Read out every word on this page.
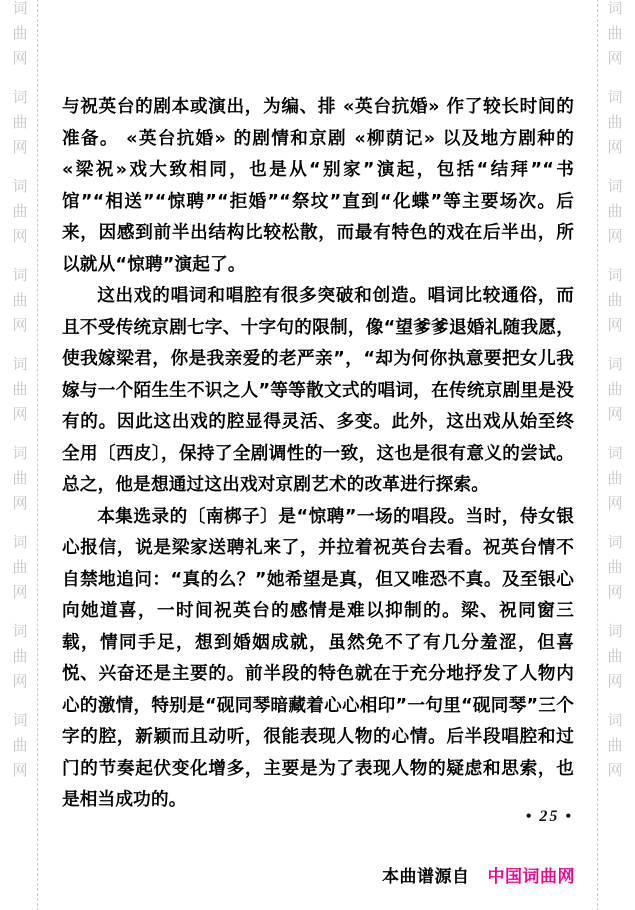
词
曲
网
词
曲
网
词
曲
网
词
曲
网
词
曲
网
词
曲
网
词
曲
网
词
曲
网
词
曲
网
词
曲
网
词
曲
网
词
曲
网
词
曲
网
词
曲
网
词
曲
网
词
曲
网
词
曲
网
词
曲
网

与祝英台的剧本或演出，为编、排 «英台抗婚» 作了较长时间的准备。 «英台抗婚» 的剧情和京剧 «柳荫记» 以及地方剧种的 «梁祝»戏大致相同，也是从“别家”演起，包括“结拜”“书馆”“相送”“惊聘”“拒婚”“祭坟”直到“化蝶”等主要场次。后来，因感到前半出结构比较松散，而最有特色的戏在后半出，所以就从“惊聘”演起了。

这出戏的唱词和唱腔有很多突破和创造。唱词比较通俗，而且不受传统京剧七字、十字句的限制，像“望爹爹退婚礼随我愿，使我嫁梁君，你是我亲爱的老严亲”，“却为何你执意要把女儿我嫁与一个陌生生不识之人”等等散文式的唱词，在传统京剧里是没有的。因此这出戏的腔显得灵活、多变。此外，这出戏从始至终全用〔西皮〕，保持了全剧调性的一致，这也是很有意义的尝试。总之，他是想通过这出戏对京剧艺术的改革进行探索。

本集选录的〔南梆子〕是“惊聘”一场的唱段。当时，侍女银心报信，说是梁家送聘礼来了，并拉着祝英台去看。祝英台情不自禁地追问：“真的么？”她希望是真，但又唯恐不真。及至银心向她道喜，一时间祝英台的感情是难以抑制的。梁、祝同窗三载，情同手足，想到婚姻成就，虽然免不了有几分羞涩，但喜悦、兴奋还是主要的。前半段的特色就在于充分地抒发了人物内心的激情，特别是“砚同琴暗藏着心心相印”一句里“砚同琴”三个字的腔，新颖而且动听，很能表现人物的心情。后半段唱腔和过门的节奏起伏变化增多，主要是为了表现人物的疑虑和思索，也是相当成功的。

• 25 •
本曲谱源自 中国词曲网
